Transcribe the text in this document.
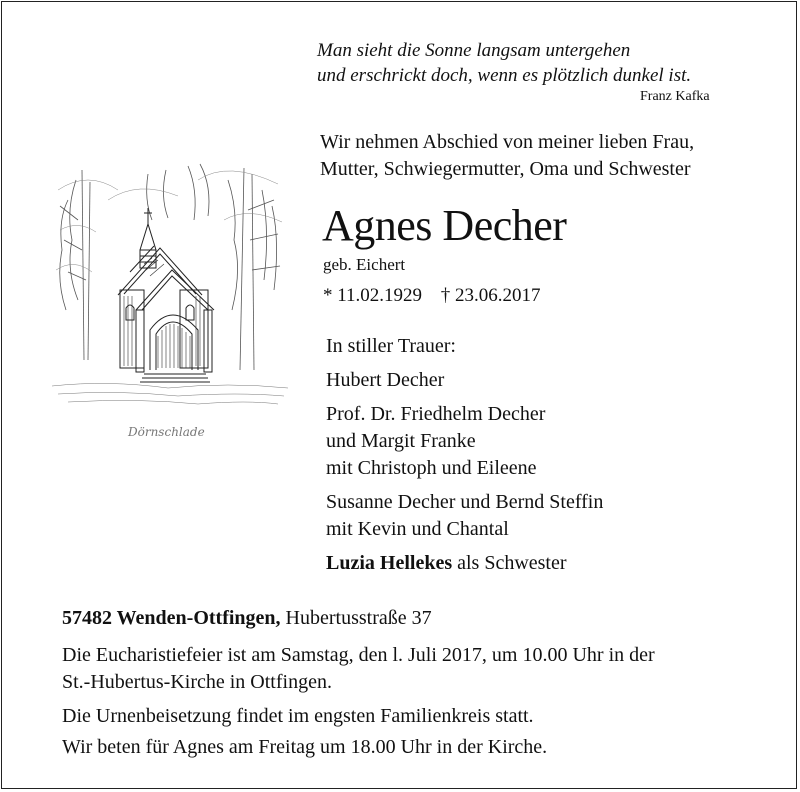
Man sieht die Sonne langsam untergehen
und erschrickt doch, wenn es plötzlich dunkel ist.
Franz Kafka
Wir nehmen Abschied von meiner lieben Frau,
Mutter, Schwiegermutter, Oma und Schwester
Agnes Decher
geb. Eichert
* 11.02.1929 † 23.06.2017
Dörnschlade
In stiller Trauer:
Hubert Decher
Prof. Dr. Friedhelm Decher
und Margit Franke
mit Christoph und Eileene
Susanne Decher und Bernd Steffin
mit Kevin und Chantal
Luzia Hellekes als Schwester
57482 Wenden-Ottfingen, Hubertusstraße 37
Die Eucharistiefeier ist am Samstag, den l. Juli 2017, um 10.00 Uhr in der
St.-Hubertus-Kirche in Ottfingen.
Die Urnenbeisetzung findet im engsten Familienkreis statt.
Wir beten für Agnes am Freitag um 18.00 Uhr in der Kirche.
